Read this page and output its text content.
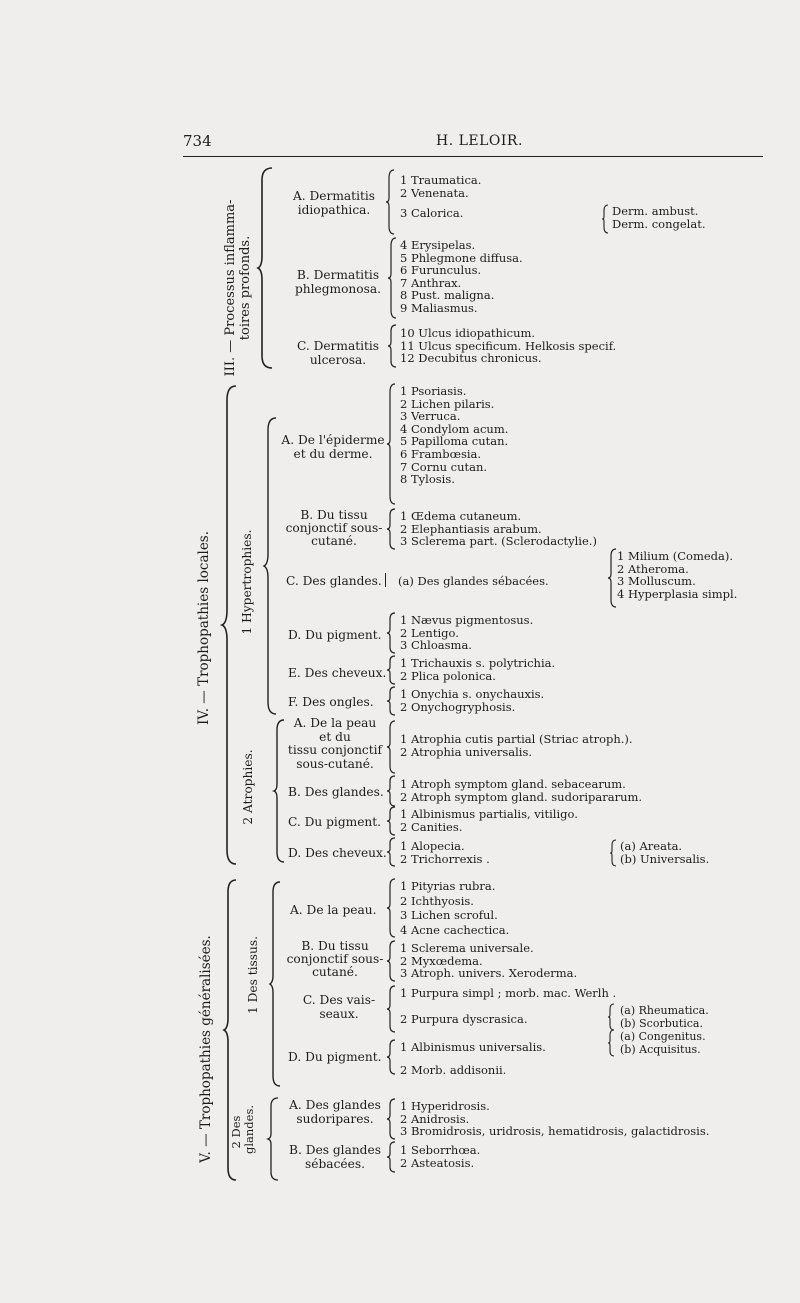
734	H. LELOIR.
III. — Processus inflamma-
toires profonds.
A. Dermatitis
idiopathica.
1 Traumatica.
2 Venenata.
3 Calorica.	Derm. ambust.
Derm. congelat.
B. Dermatitis
phlegmonosa.
4 Erysipelas.
5 Phlegmone diffusa.
6 Furunculus.
7 Anthrax.
8 Pust. maligna.
9 Maliasmus.
C. Dermatitis
ulcerosa.
10 Ulcus idiopathicum.
11 Ulcus specificum. Helkosis specif.
12 Decubitus chronicus.
IV. — Trophopathies locales. 1 Hypertrophies.
A. De l'épiderme
et du derme.
1 Psoriasis.
2 Lichen pilaris.
3 Verruca.
4 Condylom acum.
5 Papilloma cutan.
6 Frambœsia.
7 Cornu cutan.
8 Tylosis.
B. Du tissu
conjonctif sous-
cutané.
1 Œdema cutaneum.
2 Elephantiasis arabum.
3 Sclerema part. (Sclerodactylie.)
C. Des glandes. (a) Des glandes sébacées.
1 Milium (Comeda).
2 Atheroma.
3 Molluscum.
4 Hyperplasia simpl.
D. Du pigment.
1 Nævus pigmentosus.
2 Lentigo.
3 Chloasma.
E. Des cheveux.
1 Trichauxis s. polytrichia.
2 Plica polonica.
F. Des ongles.
1 Onychia s. onychauxis.
2 Onychogryphosis.
2 Atrophies.
A. De la peau
et du
tissu conjonctif
sous-cutané.
1 Atrophia cutis partial (Striac atroph.).
2 Atrophia universalis.
B. Des glandes.
1 Atroph symptom gland. sebacearum.
2 Atroph symptom gland. sudoripararum.
C. Du pigment.
1 Albinismus partialis, vitiligo.
2 Canities.
D. Des cheveux. 1 Alopecia.
2 Trichorrexis .
(a) Areata.
(b) Universalis.
V. — Trophopathies généralisées.	1 Des tissus.
A. De la peau.
1 Pityrias rubra.
2 Ichthyosis.
3 Lichen scroful.
4 Acne cachectica.
B. Du tissu
conjonctif sous-
cutané.
1 Sclerema universale.
2 Myxœdema.
3 Atroph. univers. Xeroderma.
C. Des vais-
seaux.
1 Purpura simpl ; morb. mac. Werlh .
2 Purpura dyscrasica.
(a) Rheumatica.
(b) Scorbutica.
D. Du pigment.
1 Albinismus universalis.
2 Morb. addisonii.
(a) Congenitus.
(b) Acquisitus.
2 Des
glandes.	A. Des glandes
sudoripares.
1 Hyperidrosis.
2 Anidrosis.
3 Bromidrosis, uridrosis, hematidrosis, galactidrosis.
B. Des glandes
sébacées.
1 Seborrhœa.
2 Asteatosis.
